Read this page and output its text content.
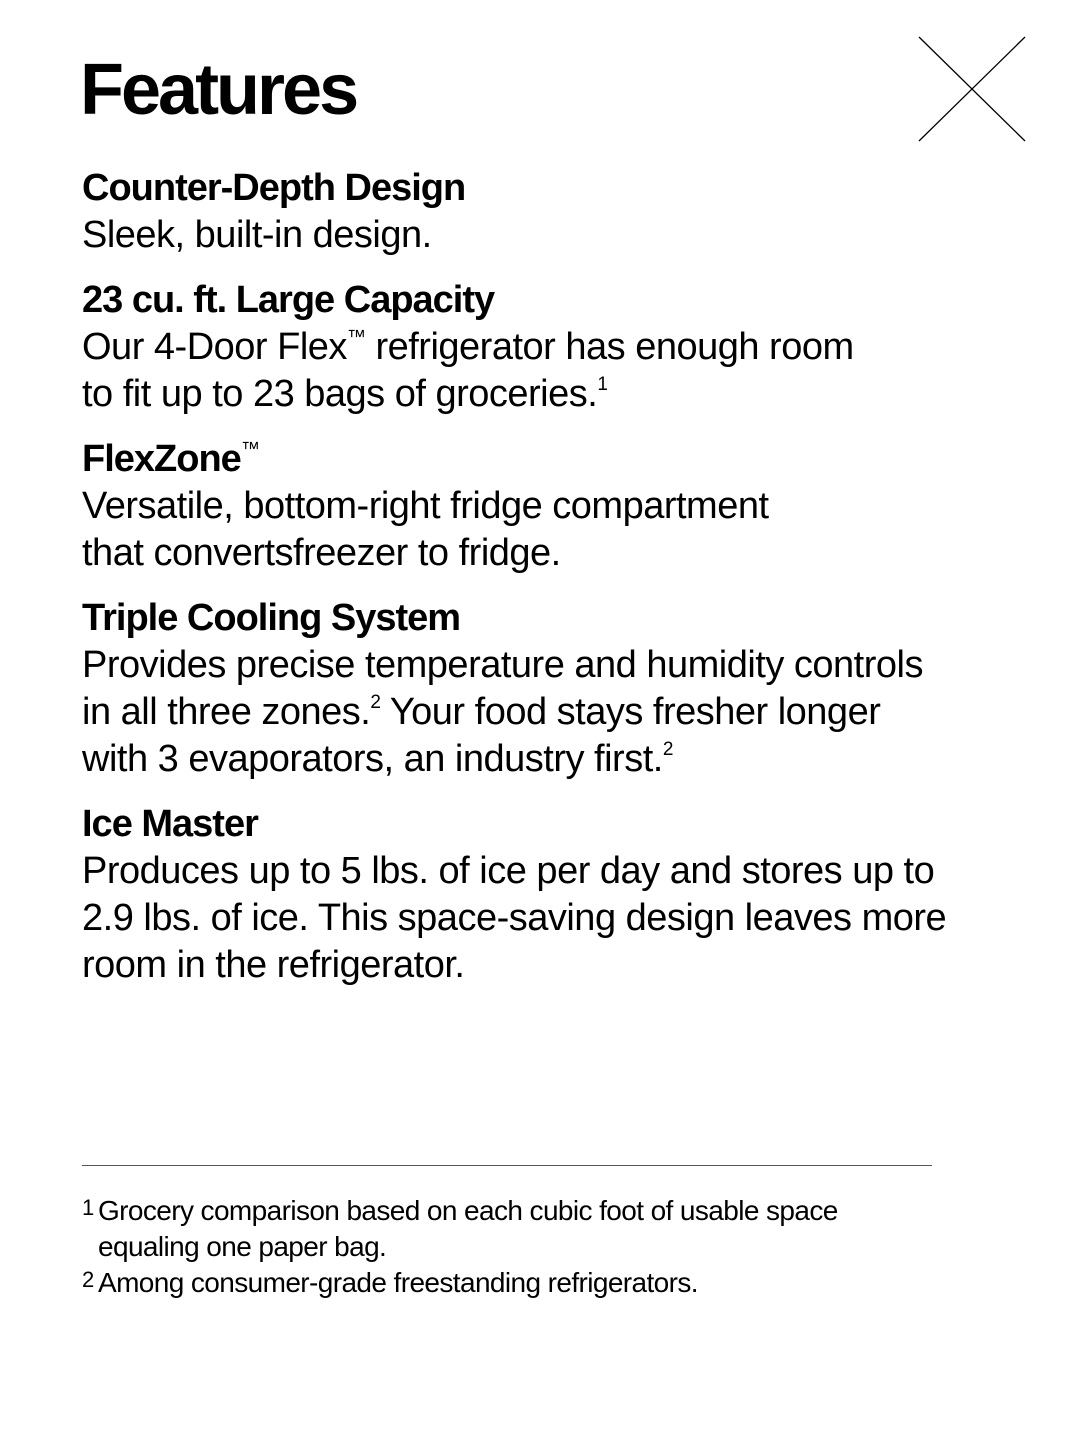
Features

Counter-Depth Design

Sleek, built-in design.

23 cu. ft. Large Capacity

Our 4-Door Flex™ refrigerator has enough room
to fit up to 23 bags of groceries.$^1$

FlexZone™

Versatile, bottom-right fridge compartment
that convertsfreezer to fridge.

Triple Cooling System

Provides precise temperature and humidity controls
in all three zones.$^2$ Your food stays fresher longer
with 3 evaporators, an industry first.$^2$

Ice Master

Produces up to 5 lbs. of ice per day and stores up to
2.9 lbs. of ice. This space-saving design leaves more
room in the refrigerator.

1 Grocery comparison based on each cubic foot of usable space
equaling one paper bag.
2 Among consumer-grade freestanding refrigerators.
